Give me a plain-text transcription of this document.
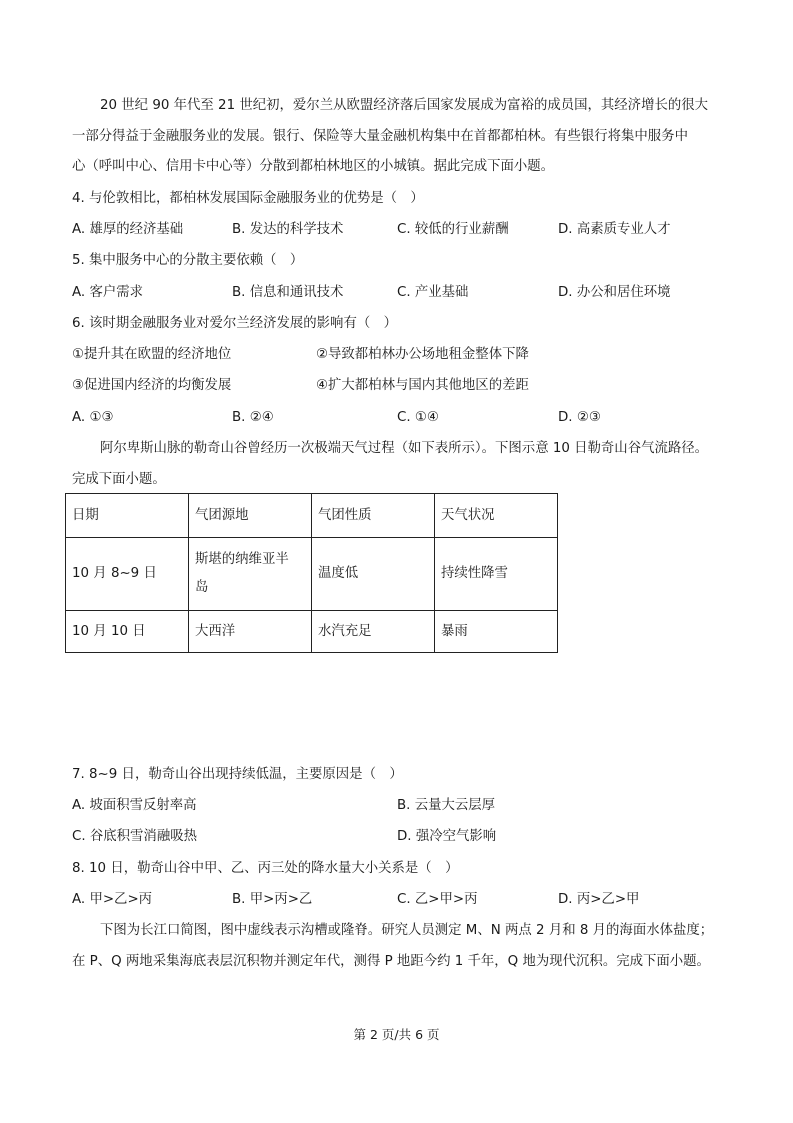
20 世纪 90 年代至 21 世纪初，爱尔兰从欧盟经济落后国家发展成为富裕的成员国，其经济增长的很大
一部分得益于金融服务业的发展。银行、保险等大量金融机构集中在首都都柏林。有些银行将集中服务中
心（呼叫中心、信用卡中心等）分散到都柏林地区的小城镇。据此完成下面小题。
4. 与伦敦相比，都柏林发展国际金融服务业的优势是（　）
A. 雄厚的经济基础	B. 发达的科学技术	C. 较低的行业薪酬	D. 高素质专业人才
5. 集中服务中心的分散主要依赖（　）
A. 客户需求	B. 信息和通讯技术	C. 产业基础	D. 办公和居住环境
6. 该时期金融服务业对爱尔兰经济发展的影响有（　）
①提升其在欧盟的经济地位	②导致都柏林办公场地租金整体下降
③促进国内经济的均衡发展	④扩大都柏林与国内其他地区的差距
A. ①③	B. ②④	C. ①④	D. ②③
阿尔卑斯山脉的勒奇山谷曾经历一次极端天气过程（如下表所示）。下图示意 10 日勒奇山谷气流路径。
完成下面小题。
日期	气团源地	气团性质	天气状况
10 月 8~9 日	斯堪的纳维亚半
岛	温度低	持续性降雪
10 月 10 日	大西洋	水汽充足	暴雨
7. 8~9 日，勒奇山谷出现持续低温，主要原因是（　）
A. 坡面积雪反射率高	B. 云量大云层厚
C. 谷底积雪消融吸热	D. 强冷空气影响
8. 10 日，勒奇山谷中甲、乙、丙三处的降水量大小关系是（　）
A. 甲>乙>丙	B. 甲>丙>乙	C. 乙>甲>丙	D. 丙>乙>甲
下图为长江口简图，图中虚线表示沟槽或隆脊。研究人员测定 M、N 两点 2 月和 8 月的海面水体盐度；
在 P、Q 两地采集海底表层沉积物并测定年代，测得 P 地距今约 1 千年，Q 地为现代沉积。完成下面小题。
第 2 页/共 6 页
